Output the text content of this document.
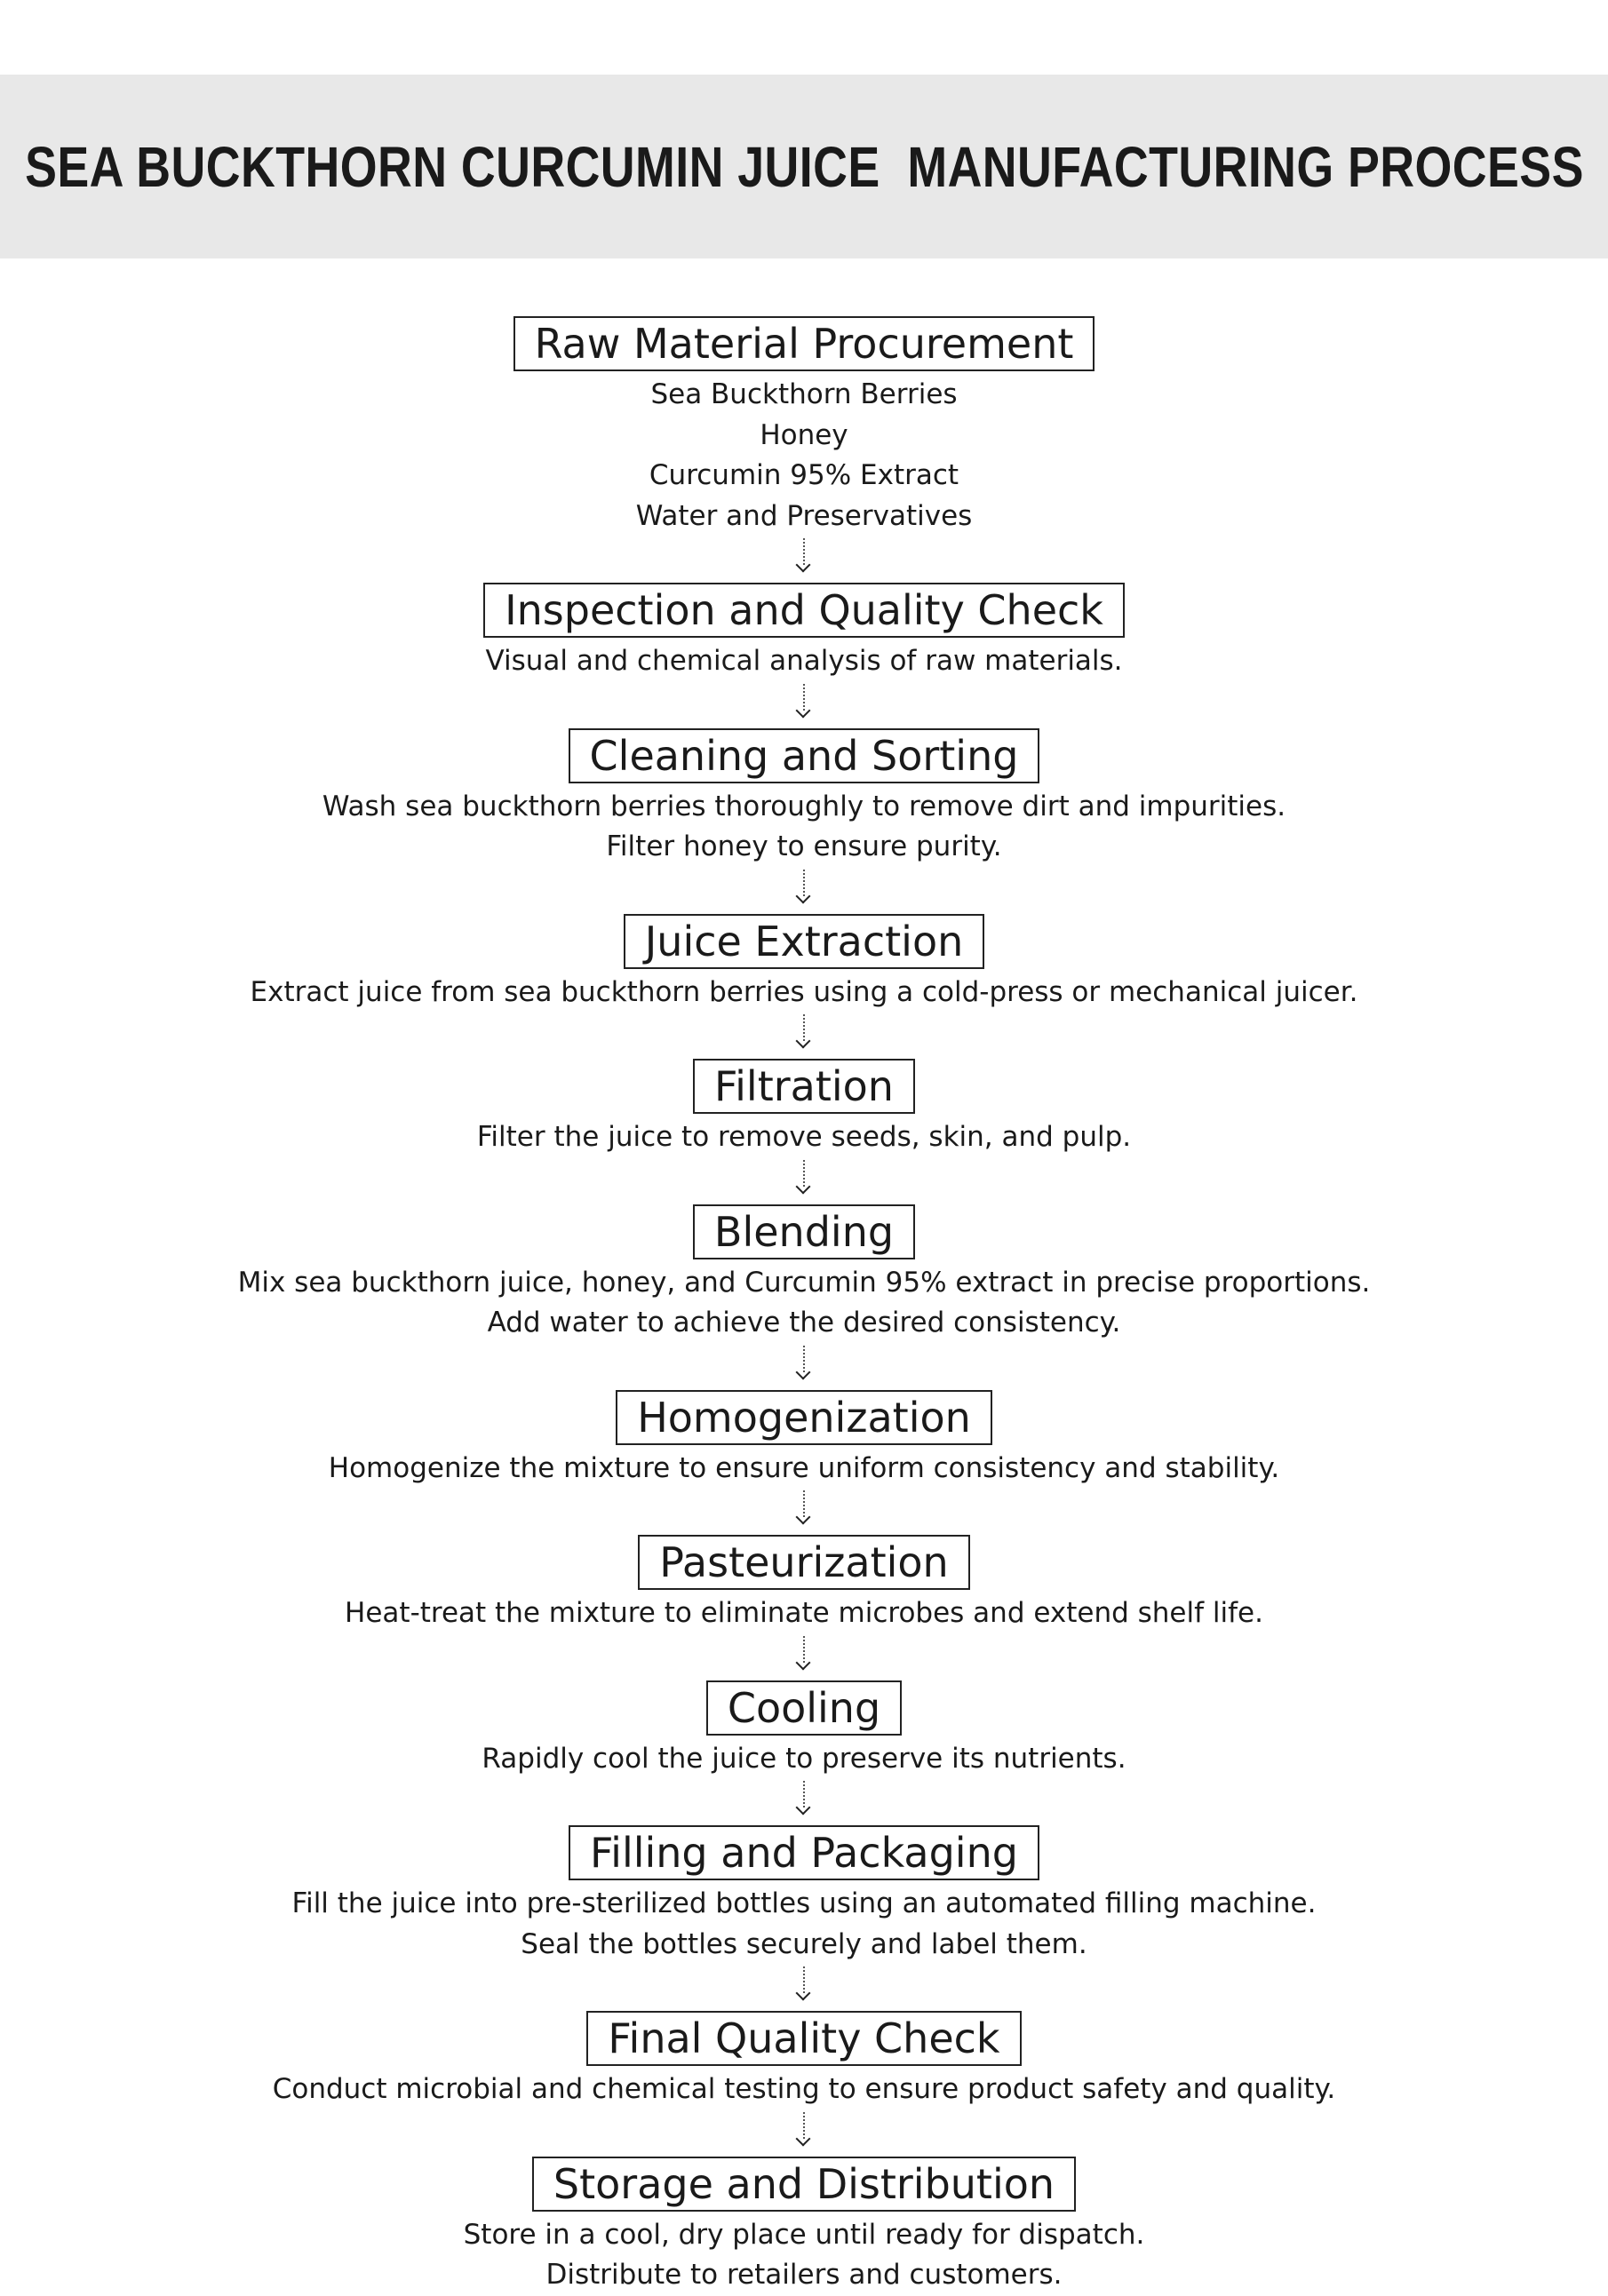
SEA BUCKTHORN CURCUMIN JUICE  MANUFACTURING PROCESS
Raw Material Procurement
Sea Buckthorn Berries
Honey
Curcumin 95% Extract
Water and Preservatives
Inspection and Quality Check
Visual and chemical analysis of raw materials.
Cleaning and Sorting
Wash sea buckthorn berries thoroughly to remove dirt and impurities.
Filter honey to ensure purity.
Juice Extraction
Extract juice from sea buckthorn berries using a cold-press or mechanical juicer.
Filtration
Filter the juice to remove seeds, skin, and pulp.
Blending
Mix sea buckthorn juice, honey, and Curcumin 95% extract in precise proportions.
Add water to achieve the desired consistency.
Homogenization
Homogenize the mixture to ensure uniform consistency and stability.
Pasteurization
Heat-treat the mixture to eliminate microbes and extend shelf life.
Cooling
Rapidly cool the juice to preserve its nutrients.
Filling and Packaging
Fill the juice into pre-sterilized bottles using an automated filling machine.
Seal the bottles securely and label them.
Final Quality Check
Conduct microbial and chemical testing to ensure product safety and quality.
Storage and Distribution
Store in a cool, dry place until ready for dispatch.
Distribute to retailers and customers.
